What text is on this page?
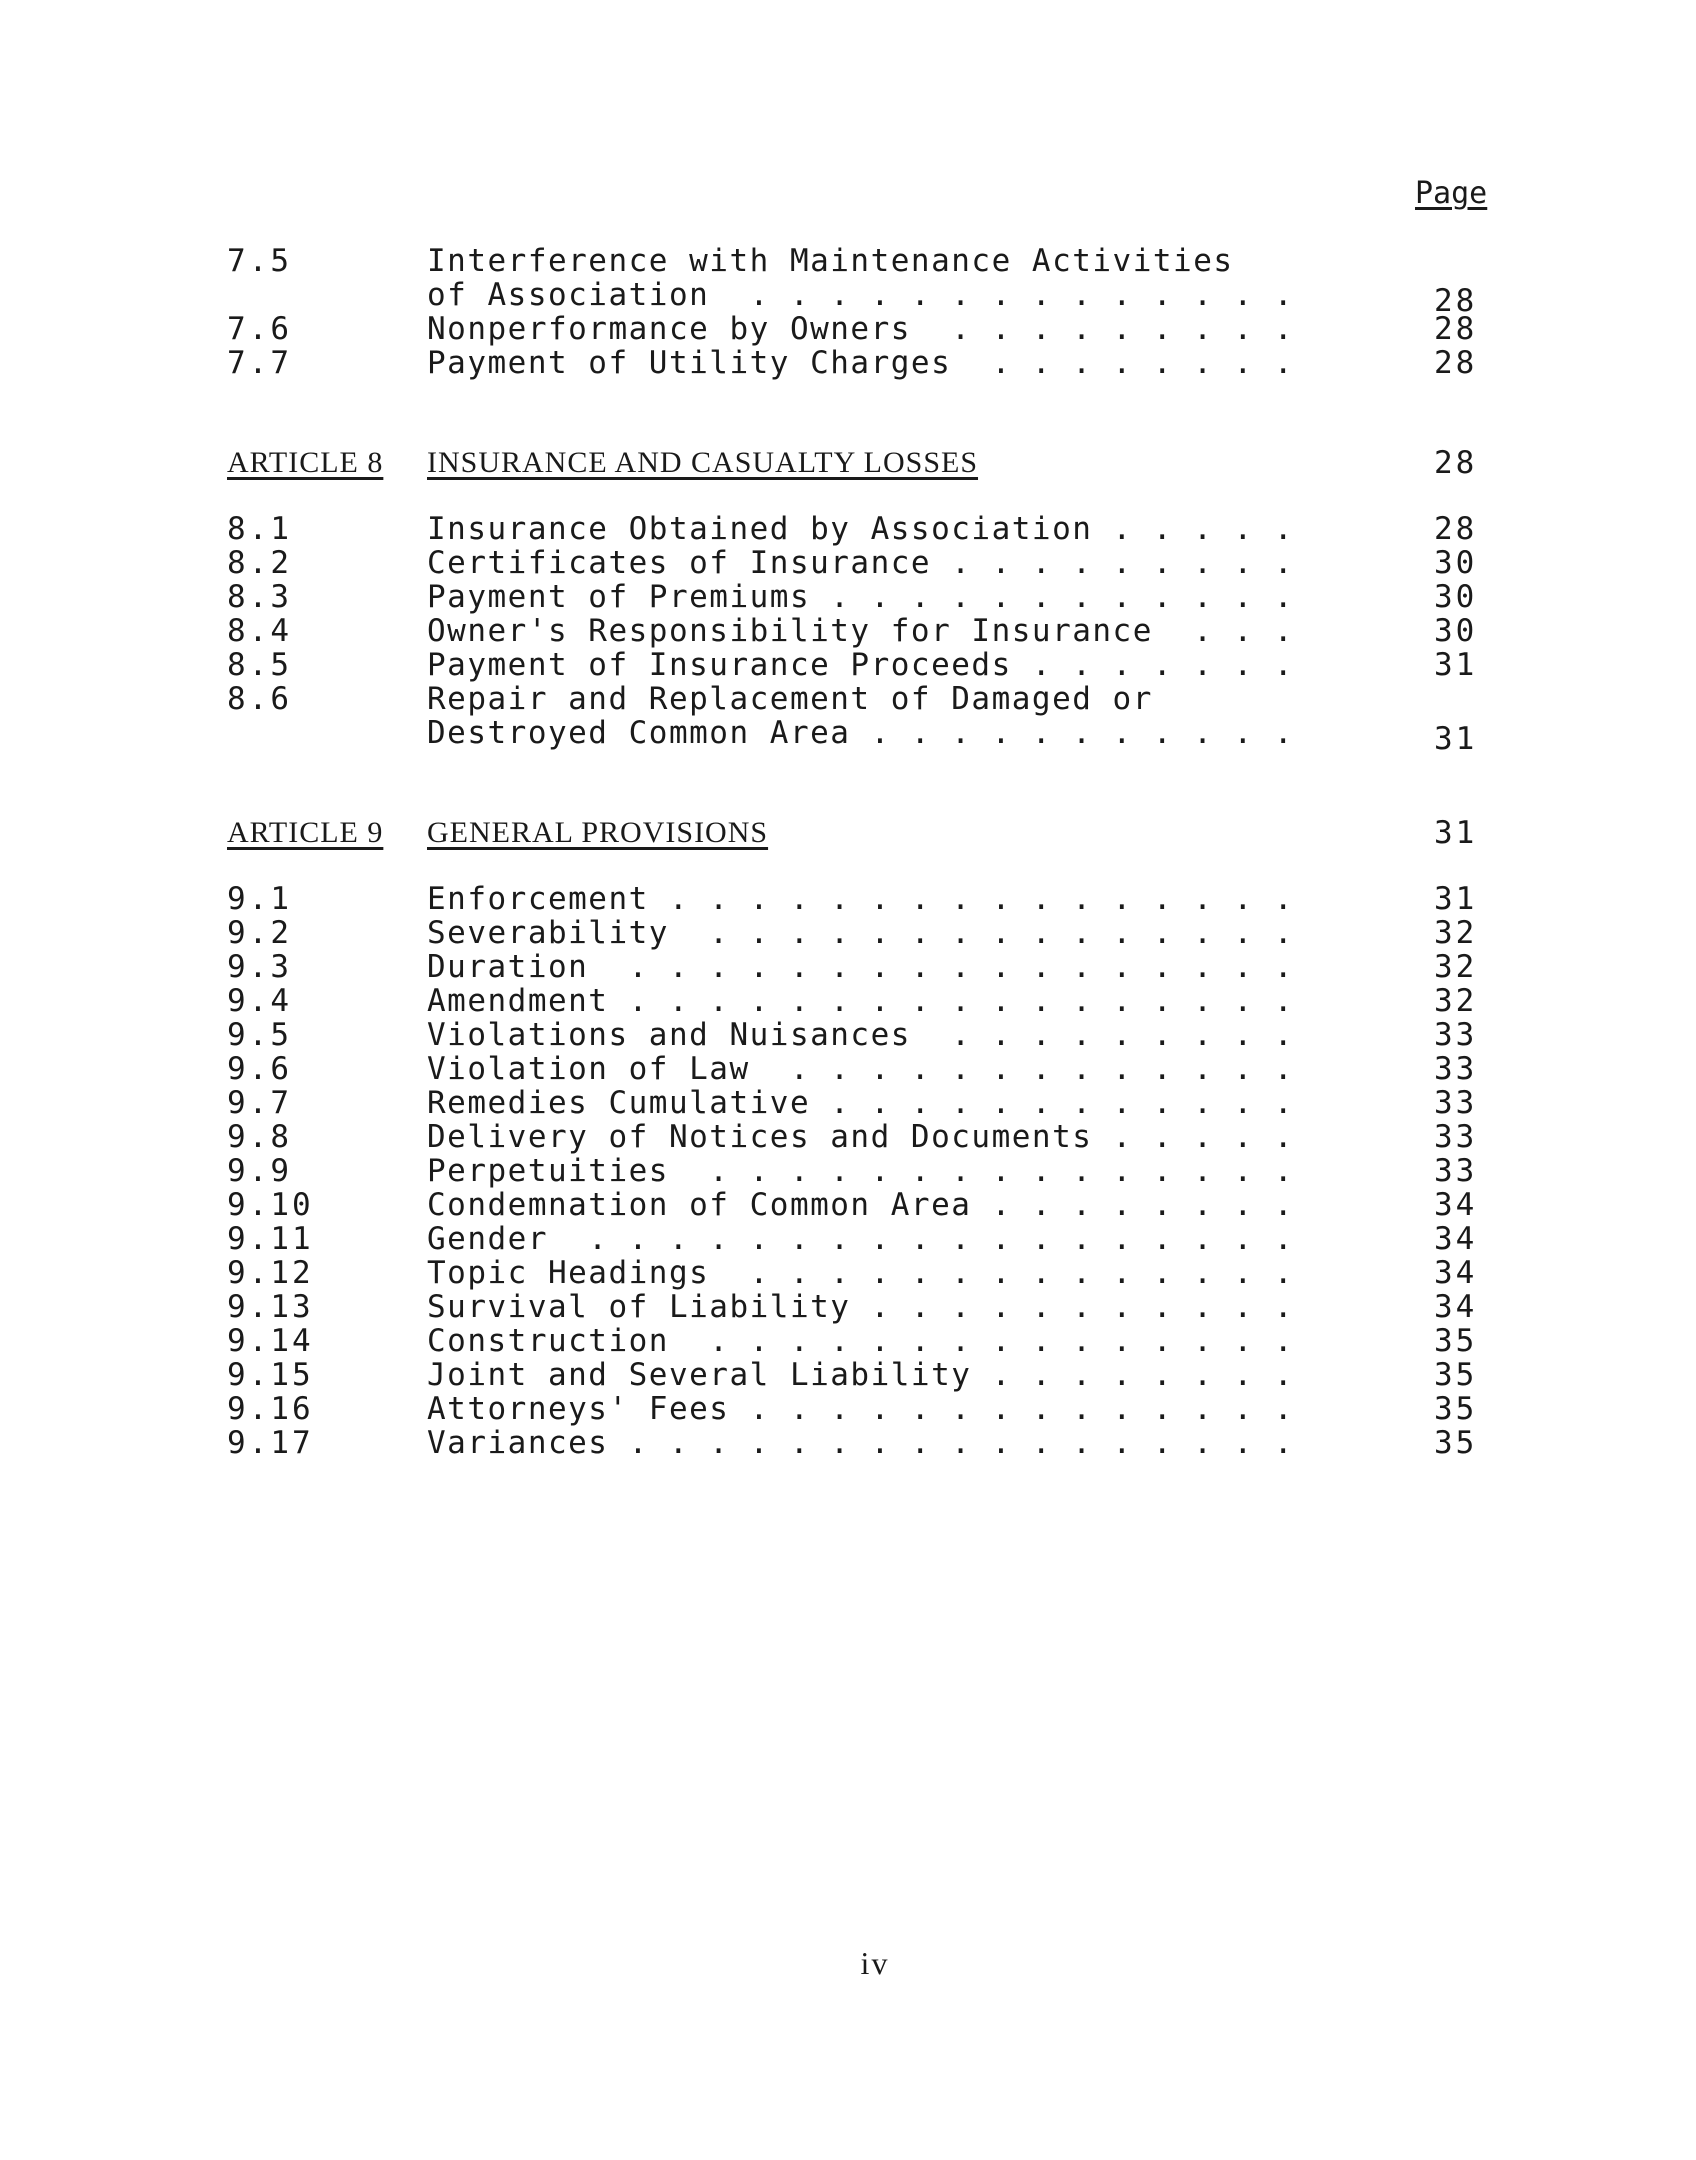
Page
7.5	Interference with Maintenance Activities
of Association  . . . . . . . . . . . . . .	28
7.6	Nonperformance by Owners  . . . . . . . . .	28
7.7	Payment of Utility Charges  . . . . . . . .	28
ARTICLE 8 INSURANCE AND CASUALTY LOSSES	28
8.1	Insurance Obtained by Association . . . . .	28
8.2	Certificates of Insurance . . . . . . . . .	30
8.3	Payment of Premiums . . . . . . . . . . . .	30
8.4	Owner's Responsibility for Insurance  . . .	30
8.5	Payment of Insurance Proceeds . . . . . . .	31
8.6	Repair and Replacement of Damaged or
Destroyed Common Area . . . . . . . . . . .	31
ARTICLE 9 GENERAL PROVISIONS	31
9.1	Enforcement . . . . . . . . . . . . . . . .	31
9.2	Severability  . . . . . . . . . . . . . . .	32
9.3	Duration  . . . . . . . . . . . . . . . . .	32
9.4	Amendment . . . . . . . . . . . . . . . . .	32
9.5	Violations and Nuisances  . . . . . . . . .	33
9.6	Violation of Law  . . . . . . . . . . . . .	33
9.7	Remedies Cumulative . . . . . . . . . . . .	33
9.8	Delivery of Notices and Documents . . . . .	33
9.9	Perpetuities  . . . . . . . . . . . . . . .	33
9.10	Condemnation of Common Area . . . . . . . .	34
9.11	Gender  . . . . . . . . . . . . . . . . . .	34
9.12	Topic Headings  . . . . . . . . . . . . . .	34
9.13	Survival of Liability . . . . . . . . . . .	34
9.14	Construction  . . . . . . . . . . . . . . .	35
9.15	Joint and Several Liability . . . . . . . .	35
9.16	Attorneys' Fees . . . . . . . . . . . . . .	35
9.17	Variances . . . . . . . . . . . . . . . . .	35
iv
